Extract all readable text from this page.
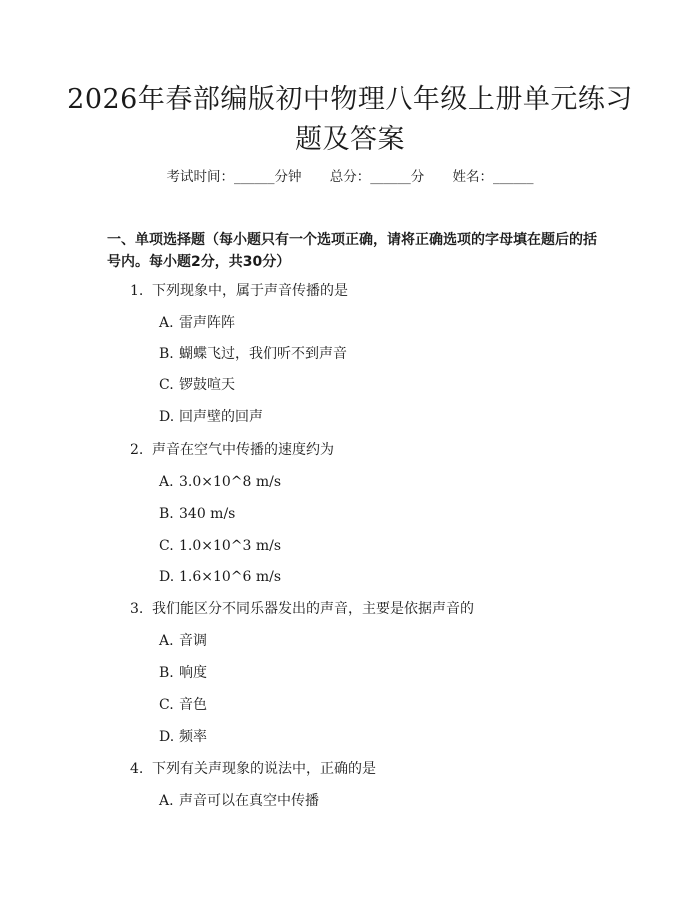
2026年春部编版初中物理八年级上册单元练习题及答案
考试时间：______分钟 总分：______分 姓名：______
一、单项选择题（每小题只有一个选项正确，请将正确选项的字母填在题后的括号内。每小题2分，共30分）
1. 下列现象中，属于声音传播的是
A. 雷声阵阵
B. 蝴蝶飞过，我们听不到声音
C. 锣鼓喧天
D. 回声壁的回声
2. 声音在空气中传播的速度约为
A. 3.0×10^8 m/s
B. 340 m/s
C. 1.0×10^3 m/s
D. 1.6×10^6 m/s
3. 我们能区分不同乐器发出的声音，主要是依据声音的
A. 音调
B. 响度
C. 音色
D. 频率
4. 下列有关声现象的说法中，正确的是
A. 声音可以在真空中传播
